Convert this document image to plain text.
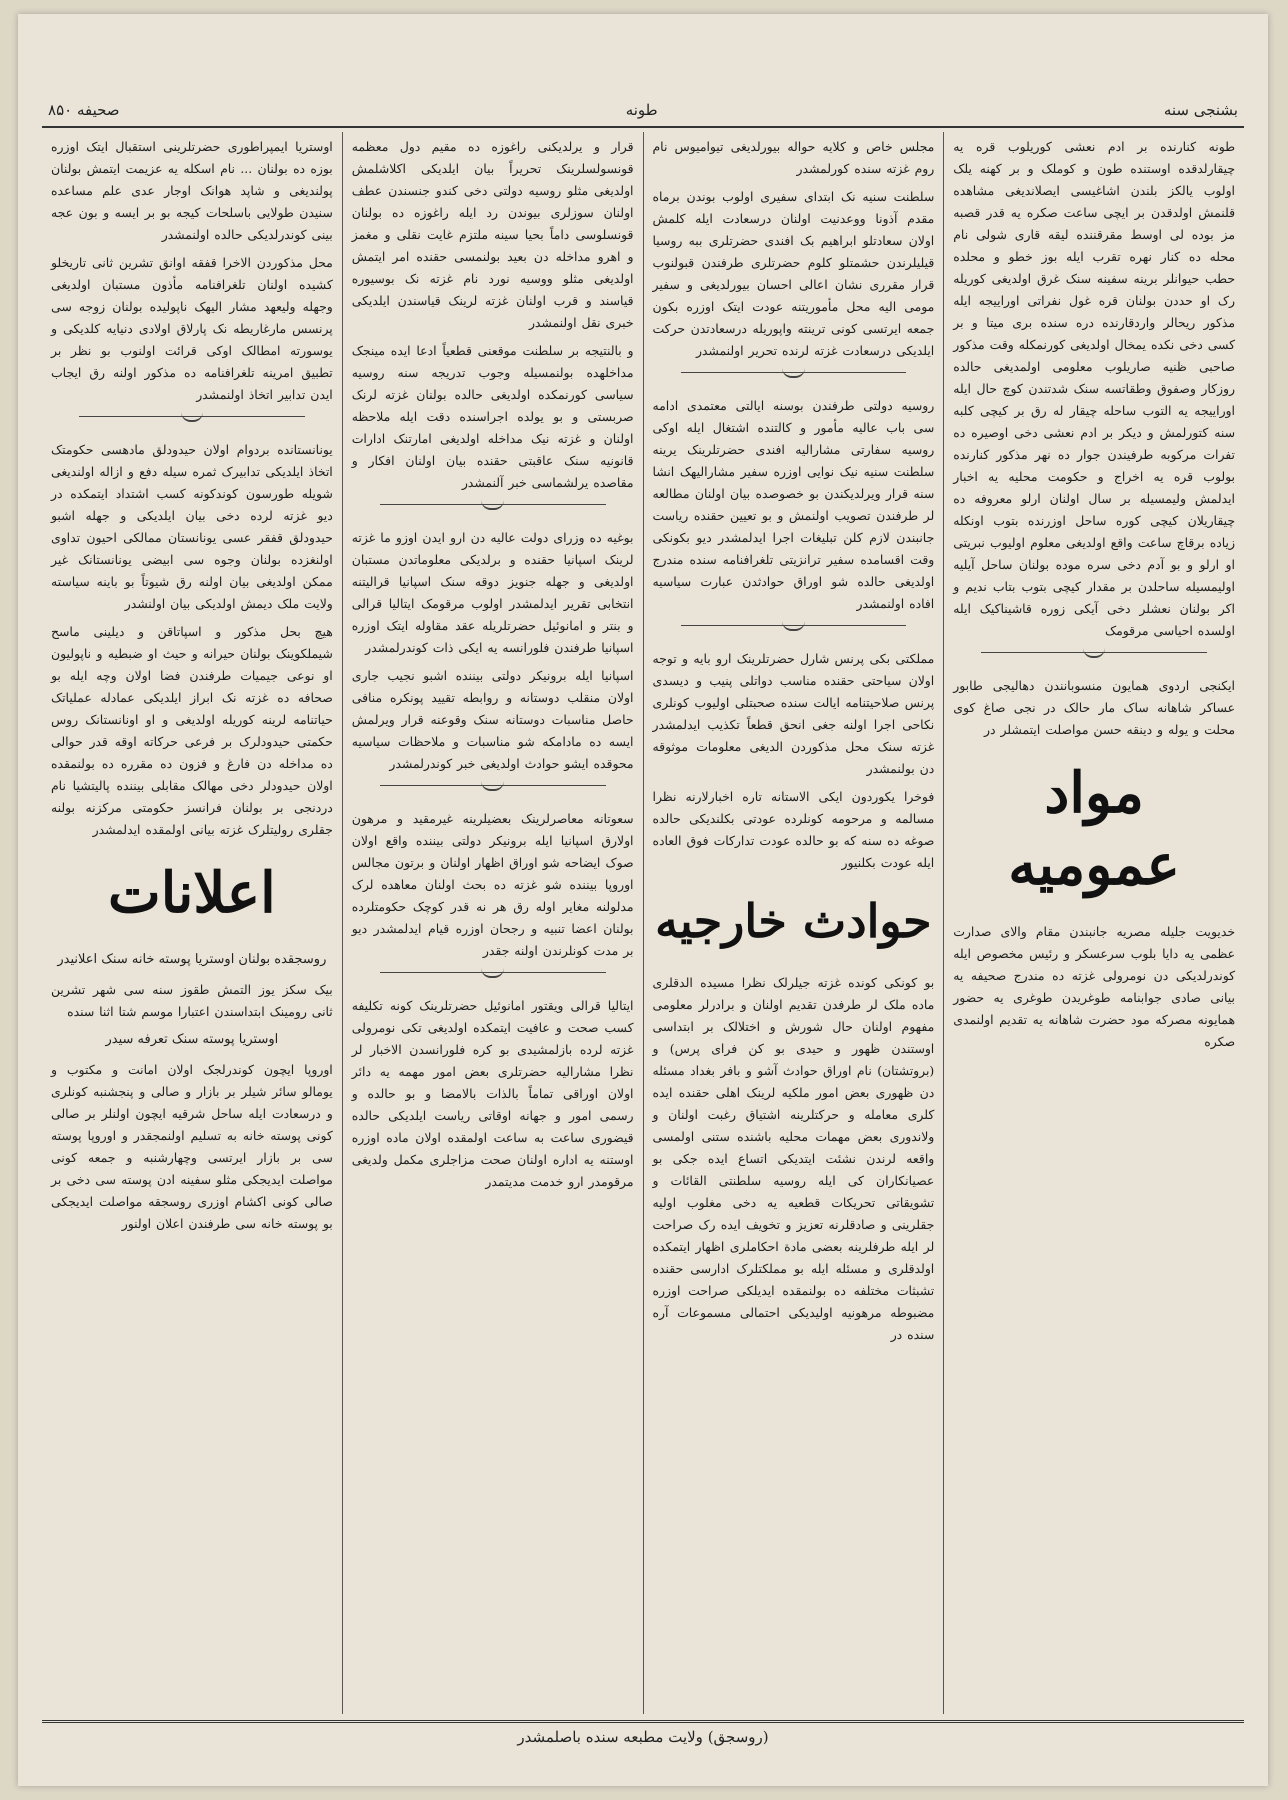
بشنجی سنه
طونه
صحیفه ۸۵۰

طونه کنارنده بر ادم نعشی کوریلوب قره یه چیقارلدقده اوستنده طون و کوملک و بر کهنه یلک اولوب یالکز بلندن اشاغیسی ایصلاندیغی مشاهده قلنمش اولدقدن بر ایچی ساعت صکره یه قدر قصبه مز بوده لی اوسط مقرقننده لیقه قاری شولی نام محله ده کنار نهره تقرب ایله بوز خطو و محلده حطب حیوانلر برینه سفینه سنک غرق اولدیغی کوریله رک او حددن بولنان قره غول نفراتی اوراییجه ایله مذکور ریحالر واردقارنده دره سنده بری میتا و بر کسی دخی نکده یمخال اولدیغی کورنمکله وقت مذکور صاحبی ظنیه صاریلوب معلومی اولمدیغی حالده روزکار وصفوق وطقاتسه سنک شدتندن کوچ حال ایله اوراییجه یه التوب ساحله چیقار له رق بر کیچی کلبه سنه کتورلمش و دیکر بر ادم نعشی دخی اوصیره ده تفرات مرکوبه طرفیندن جوار ده نهر مذکور کنارنده بولوب قره یه اخراج و حکومت محلیه یه اخبار ایدلمش ولیمسیله بر سال اولنان ارلو معروفه ده چیقاریلان کیچی کوره ساحل اوزرنده بتوب اونکله زیاده برقاچ ساعت واقع اولدیغی معلوم اولیوب نبریتی او ارلو و بو آدم دخی سره موده بولنان ساحل آیلیه اولیمسیله ساحلدن بر مقدار کیچی بتوب بتاب ندیم و اکر بولنان نعشلر دخی آیکی زوره قاشیناکیک ایله اولسده احیاسی مرقومک

ایکنجی اردوی همایون منسوبانندن دهالیجی طابور عساکر شاهانه ساک مار حالک در نجی صاغ کوی محلت و یوله و دینقه حسن مواصلت ایتمشلر در

مواد عمومیه

خدیویت جلیله مصریه جانبندن مقام والای صدارت عظمی یه دایا بلوب سرعسکر و رئیس مخصوص ایله کوندرلدیکی دن نومرولی غزته ده مندرج صحیفه یه بیانی صادی جوابنامه طوغریدن طوغری یه حضور همایونه مصرکه مود حضرت شاهانه یه تقدیم اولنمدی صکره

مجلس خاص و کلایه حواله بیورلدیغی تیوامیوس نام روم غزته سنده کورلمشدر

سلطنت سنیه نک ابتدای سفیری اولوب بوندن برماه مقدم آذونا ووعدنیت اولنان درسعادت ایله کلمش اولان سعادتلو ابراهیم بک افندی حضرتلری ببه روسیا قیلیلرندن حشمتلو کلوم حضرتلری طرفندن قبولنوب قرار مقرری نشان اعالی احسان بیورلدیغی و سفیر مومی الیه محل مأموریتنه عودت ایتک اوزره بکون جمعه ایرتسی کونی ترینته واپوریله درسعادتدن حرکت ایلدیکی درسعادت غزته لرنده تحریر اولنمشدر

روسیه دولتی طرفندن بوسنه ایالتی معتمدی ادامه سی باب عالیه مأمور و کالتنده اشتغال ایله اوکی روسیه سفارتی مشارالیه افندی حضرتلرینک یرینه سلطنت سنیه نیک نوایی اوزره سفیر مشارالیهک انشا سنه قرار ویرلدیکندن بو خصوصده بیان اولنان مطالعه لر طرفندن تصویب اولنمش و بو تعیین حقنده ریاست جانبندن لازم کلن تبلیغات اجرا ایدلمشدر دیو بکونکی وقت اقسامده سفیر ترانزیتی تلغرافنامه سنده مندرج اولدیغی حالده شو اوراق حوادثدن عبارت سیاسیه افاده اولنمشدر

مملکتی بکی پرنس شارل حضرتلرینک ارو بایه و توجه اولان سیاحتی حقنده مناسب دواتلی پنیب و دیسدی پرنس صلاحیتنامه ایالت سنده صحبتلی اولیوب کونلری نکاحی اجرا اولنه جغی انحق قطعاً تکذیب ایدلمشدر غزته سنک محل مذکوردن الدیغی معلومات موثوقه دن بولنمشدر

فوخرا یکوردون ایکی الاستانه تاره اخبارلارنه نظرا مسالمه و مرحومه کونلرده عودتی بکلندیکی حالده صوغه ده سنه که بو حالده عودت تدارکات فوق العاده ایله عودت بکلنیور

حوادث خارجیه

بو کونکی کونده غزته جیلرلک نظرا مسیده الدقلری ماده ملک لر طرفدن تقدیم اولنان و برادرلر معلومی مفهوم اولنان حال شورش و اختلالک بر ابتداسی اوستندن ظهور و حیدی بو کن فرای پرس) و (بروتشتان) نام اوراق حوادث آشو و بافر بغداد مسئله دن ظهوری بعض امور ملکیه لرینک اهلی حقنده ایده کلری معامله و حرکتلرینه اشتیاق رغبت اولنان و ولاندوری بعض مهمات محلیه باشنده ستنی اولمسی واقعه لرندن نشئت ایتدیکی اتساع ایده جکی بو عصیانکاران کی ایله روسیه سلطنتی القائات و تشویقاتی تحریکات قطعیه یه دخی مغلوب اولیه جقلرینی و صادقلرنه تعزیز و تخویف ایده رک صراحت لر ایله طرفلرینه بعضی مادة احکاملری اظهار ایتمکده اولدقلری و مسئله ایله بو مملکتلرک ادارسی حقنده تشبثات مختلفه ده بولنمقده ایدیلکی صراحت اوزره مضبوطه مرهونیه اولیدیکی احتمالی مسموعات آره سنده در

قرار و یرلدیکنی راغوزه ده مقیم دول معظمه قونسولسلرینک تحریراً بیان ایلدیکی اکلاشلمش اولدیغی مثلو روسیه دولتی دخی کندو جنسندن عطف اولنان سوزلری بیوندن رد ایله راغوزه ده بولنان قونسلوسی داماً بحیا سینه ملتزم غایت نقلی و مغمز و اهرو مداخله دن بعید بولنمسی حقنده امر ایتمش اولدیغی مثلو ووسیه نورد نام غزته نک بوسیوره قیاسند و قرب اولنان غزته لرینک قیاسندن ایلدیکی خبری نقل اولنمشدر

و بالنتیجه بر سلطنت موقعنی قطعیاً ادعا ایده مینجک مداخلهده بولنمسیله وجوب تدریجه سنه روسیه سیاسی کورنمکده اولدیغی حالده بولنان غزته لرنک صربستی و بو یولده اجراسنده دقت ایله ملاحظه اولنان و غزته نیک مداخله اولدیغی امارتنک ادارات قانونیه سنک عاقبتی حقنده بیان اولنان افکار و مقاصده یرلشماسی خبر آلنمشدر

بوغیه ده وزرای دولت عالیه دن ارو ایدن اوزو ما غزته لرینک اسپانیا حقنده و برلدیکی معلوماتدن مستبان اولدیغی و جهله جنویز دوقه سنک اسپانیا قرالیتنه انتخابی تقریر ایدلمشدر اولوب مرقومک ایتالیا قرالی و بنتر و امانوئیل حضرتلریله عقد مقاوله ایتک اوزره اسپانیا طرفندن فلورانسه یه ایکی ذات کوندرلمشدر

اسپانیا ایله برونیکر دولتی بیننده اشبو نجیب جاری اولان منقلب دوستانه و روابطه تقیید پونکره منافی حاصل مناسبات دوستانه سنک وقوعنه قرار ویرلمش ایسه ده مادامکه شو مناسبات و ملاحظات سیاسیه محوقده ایشو حوادث اولدیغی خبر کوندرلمشدر

سعوتانه معاصرلرینک بعضیلرینه غیرمقید و مرهون اولارق اسپانیا ایله برونیکر دولتی بیننده واقع اولان صوک ایضاحه شو اوراق اظهار اولنان و برتون مجالس اوروپا بیننده شو غزته ده بحث اولنان معاهده لرک مدلولنه مغایر اوله رق هر نه قدر کوچک حکومتلرده بولنان اعضا تنبیه و رجحان اوزره قیام ایدلمشدر دیو بر مدت کونلرندن اولنه جقدر

ایتالیا قرالی ویقتور امانوئیل حضرتلرینک کونه تکلیفه کسب صحت و عافیت ایتمکده اولدیغی تکی نومرولی غزته لرده بازلمشیدی بو کره فلورانسدن الاخبار لر نظرا مشارالیه حضرتلری بعض امور مهمه یه دائر اولان اوراقی تماماً بالذات بالامضا و بو حالده و رسمی امور و جهانه اوقاتی ریاست ایلدیکی حالده قیضوری ساعت به ساعت اولمقده اولان ماده اوزره اوستنه یه اداره اولنان صحت مزاجلری مکمل ولدیغی مرقومدر ارو خدمت مدیتمدر

اوستریا ایمپراطوری حضرتلرینی استقبال ایتک اوزره بوزه ده بولنان ... نام اسکله یه عزیمت ایتمش بولنان پولندیغی و شاپد هوانک اوجار عدی علم مساعده سنیدن طولایی باسلحات کیجه بو بر ایسه و بون عجه بینی کوندرلدیکی حالده اولنمشدر

محل مذکوردن الاخرا قفقه اوانق تشرین ثانی تاریخلو کشیده اولنان تلغرافنامه مأذون مستبان اولدیغی وجهله ولیعهد مشار الیهک ناپولیده بولنان زوجه سی پرنسس مارغاریطه نک پارلاق اولادی دنیایه کلدیکی و یوسورته امطالک اوکی قرائت اولنوب بو نظر بر تطبیق امرینه تلغرافنامه ده مذکور اولنه رق ایجاب ایدن تدابیر اتخاذ اولنمشدر

یونانستانده بردوام اولان حیدودلق مادهسی حکومتک اتخاذ ایلدیکی تدابیرک ثمره سیله دفع و ازاله اولندیغی شویله طورسون کوندکونه کسب اشتداد ایتمکده در دیو غزته لرده دخی بیان ایلدیکی و جهله اشبو حیدودلق قفقر عسی یونانستان ممالکی احیون تداوی اولنغزده بولنان وجوه سی ابیضی یونانستانک غیر ممکن اولدیغی بیان اولنه رق شیوتاً بو باینه سیاسته ولایت ملک دیمش اولدیکی بیان اولنشدر

هیچ بحل مذکور و اسپاتاقن و دیلینی ماسح شیملکوینک بولنان حیرانه و حیث او ضبطیه و ناپولیون او نوعی جیمیات طرفندن فضا اولان وچه ایله بو صحافه ده غزته نک ابراز ایلدیکی عمادله عملیاتک حیاتنامه لرینه کوریله اولدیغی و او اونانستانک روس حکمتی حیدودلرک بر فرعی حرکاته اوقه قدر حوالی ده مداخله دن فارغ و فزون ده مقرره ده بولنمقده اولان حیدودلر دخی مهالک مقابلی بیننده پالیتشیا نام دردنجی بر بولنان فرانسز حکومتی مرکزنه بولنه جقلری رولیتلرک غزته بیانی اولمقده ایدلمشدر

اعلانات
روسجقده بولنان اوستریا پوسته خانه سنک اعلانیدر

بیک سکز یوز التمش طقوز سنه سی شهر تشرین ثانی رومینک ابتداسندن اعتبارا موسم شتا اثنا سنده

اوستریا پوسته سنک تعرفه سیدر

اوروپا ایچون کوندرلجک اولان امانت و مکتوب و یومالو سائر شیلر بر بازار و صالی و پنجشنبه کونلری و درسعادت ایله ساحل شرقیه ایچون اولنلر بر صالی کونی پوسته خانه به تسلیم اولنمجقدر و اوروپا پوسته سی بر بازار ایرتسی وچهارشنبه و جمعه کونی مواصلت ایدیجکی مثلو سفینه ادن پوسته سی دخی بر صالی کونی اکشام اوزری روسجقه مواصلت ایدیجکی بو پوسته خانه سی طرفندن اعلان اولنور

(روسجق) ولایت مطبعه سنده باصلمشدر
